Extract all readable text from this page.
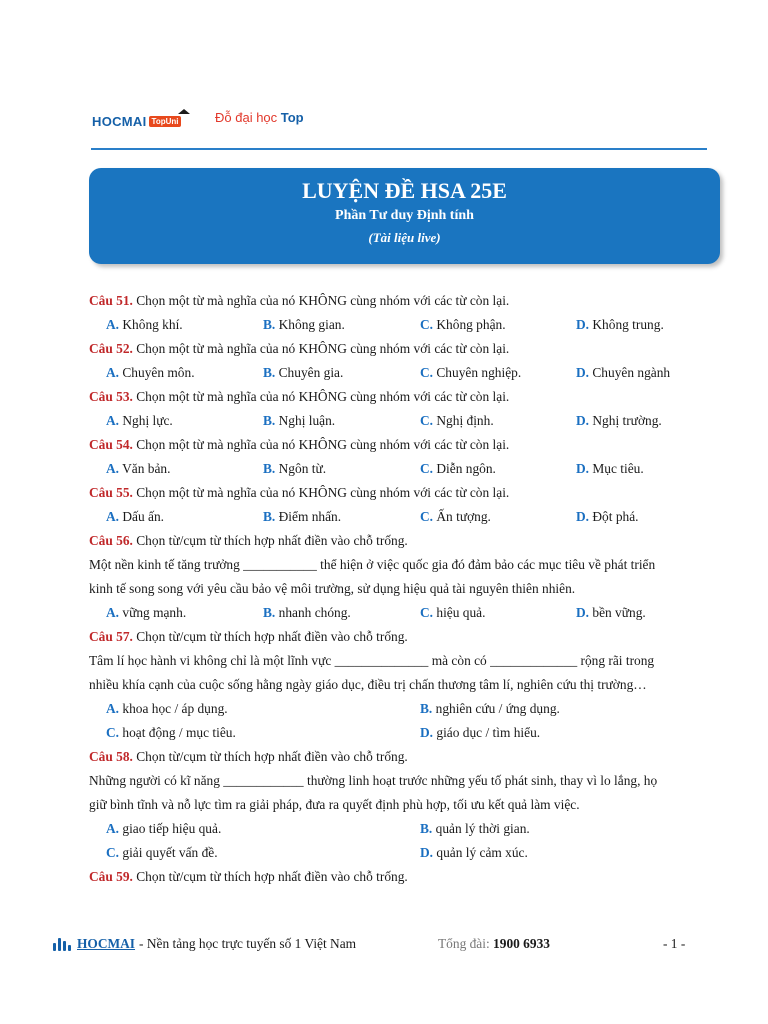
HOCMAI TopUni	Đỗ đại học Top
LUYỆN ĐỀ HSA 25E
Phần Tư duy Định tính
(Tài liệu live)
Câu 51. Chọn một từ mà nghĩa của nó KHÔNG cùng nhóm với các từ còn lại.
A. Không khí.	B. Không gian.	C. Không phận.	D. Không trung.
Câu 52. Chọn một từ mà nghĩa của nó KHÔNG cùng nhóm với các từ còn lại.
A. Chuyên môn.	B. Chuyên gia.	C. Chuyên nghiệp.	D. Chuyên ngành
Câu 53. Chọn một từ mà nghĩa của nó KHÔNG cùng nhóm với các từ còn lại.
A. Nghị lực.	B. Nghị luận.	C. Nghị định.	D. Nghị trường.
Câu 54. Chọn một từ mà nghĩa của nó KHÔNG cùng nhóm với các từ còn lại.
A. Văn bản.	B. Ngôn từ.	C. Diễn ngôn.	D. Mục tiêu.
Câu 55. Chọn một từ mà nghĩa của nó KHÔNG cùng nhóm với các từ còn lại.
A. Dấu ấn.	B. Điểm nhấn.	C. Ấn tượng.	D. Đột phá.
Câu 56. Chọn từ/cụm từ thích hợp nhất điền vào chỗ trống.
Một nền kinh tế tăng trưởng ___________ thể hiện ở việc quốc gia đó đảm bảo các mục tiêu về phát triển
kinh tế song song với yêu cầu bảo vệ môi trường, sử dụng hiệu quả tài nguyên thiên nhiên.
A. vững mạnh.	B. nhanh chóng.	C. hiệu quả.	D. bền vững.
Câu 57. Chọn từ/cụm từ thích hợp nhất điền vào chỗ trống.
Tâm lí học hành vi không chỉ là một lĩnh vực ______________ mà còn có _____________ rộng rãi trong
nhiều khía cạnh của cuộc sống hằng ngày giáo dục, điều trị chấn thương tâm lí, nghiên cứu thị trường…
A. khoa học / áp dụng.	B. nghiên cứu / ứng dụng.
C. hoạt động / mục tiêu.	D. giáo dục / tìm hiểu.
Câu 58. Chọn từ/cụm từ thích hợp nhất điền vào chỗ trống.
Những người có kĩ năng ____________ thường linh hoạt trước những yếu tố phát sinh, thay vì lo lắng, họ
giữ bình tĩnh và nỗ lực tìm ra giải pháp, đưa ra quyết định phù hợp, tối ưu kết quả làm việc.
A. giao tiếp hiệu quả.	B. quản lý thời gian.
C. giải quyết vấn đề.	D. quản lý cảm xúc.
Câu 59. Chọn từ/cụm từ thích hợp nhất điền vào chỗ trống.
HOCMAI - Nền tảng học trực tuyến số 1 Việt Nam	Tổng đài: 1900 6933	- 1 -
